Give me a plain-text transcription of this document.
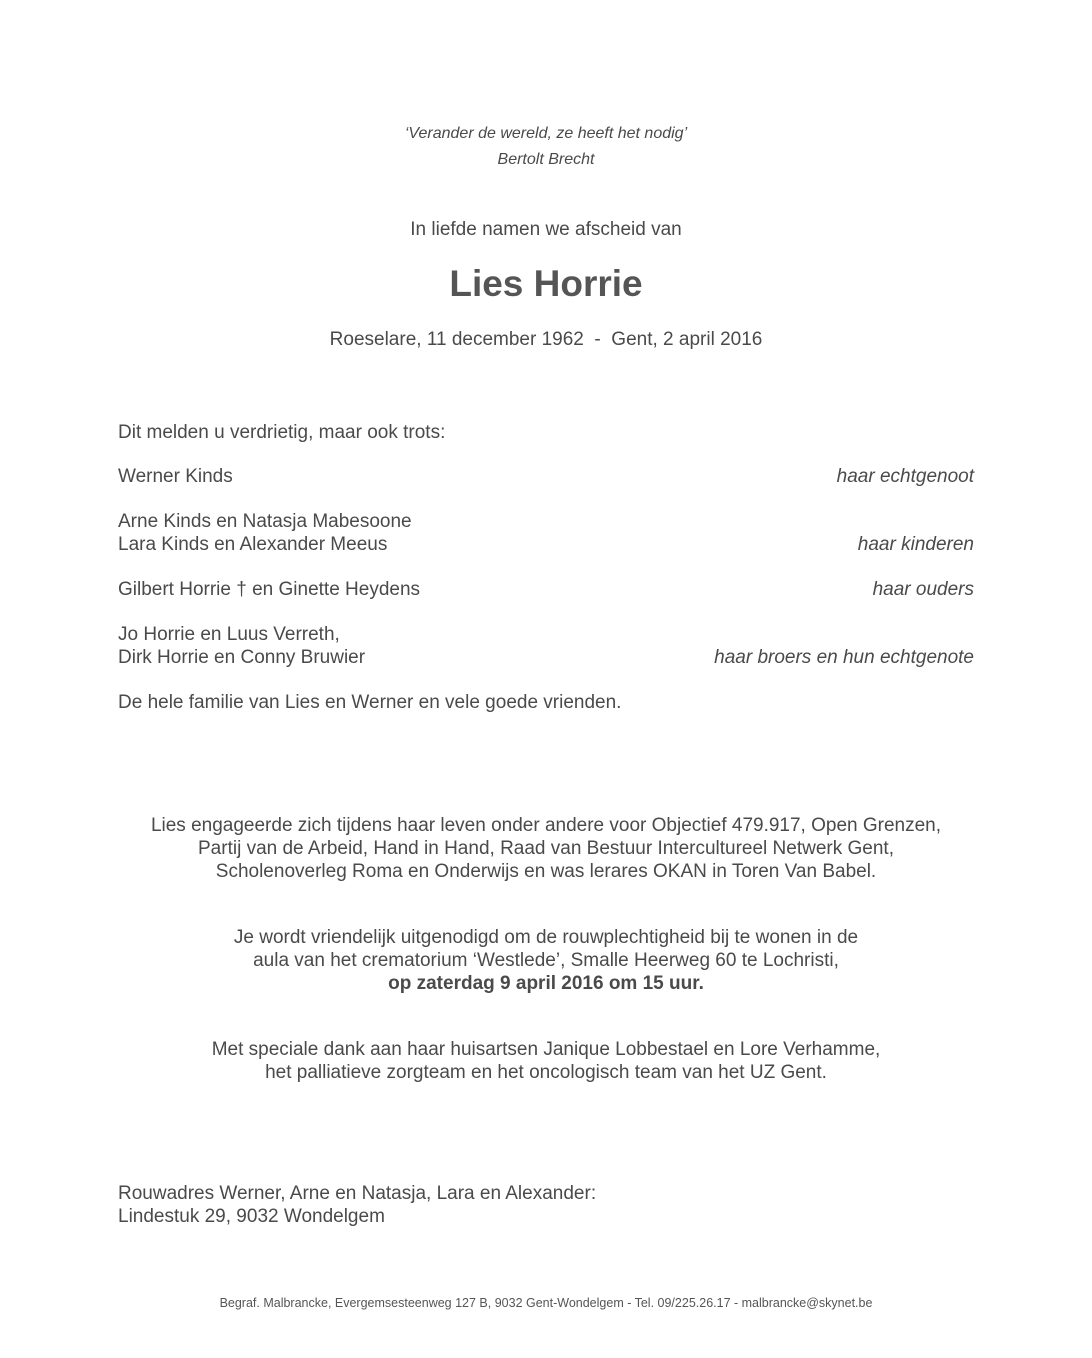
‘Verander de wereld, ze heeft het nodig’
Bertolt Brecht
In liefde namen we afscheid van
Lies Horrie
Roeselare, 11 december 1962  -  Gent, 2 april 2016
Dit melden u verdrietig, maar ook trots:
Werner Kinds	haar echtgenoot
Arne Kinds en Natasja Mabesoone
Lara Kinds en Alexander Meeus	haar kinderen
Gilbert Horrie † en Ginette Heydens	haar ouders
Jo Horrie en Luus Verreth,
Dirk Horrie en Conny Bruwier	haar broers en hun echtgenote
De hele familie van Lies en Werner en vele goede vrienden.
Lies engageerde zich tijdens haar leven onder andere voor Objectief 479.917, Open Grenzen,
Partij van de Arbeid, Hand in Hand, Raad van Bestuur Intercultureel Netwerk Gent,
Scholenoverleg Roma en Onderwijs en was lerares OKAN in Toren Van Babel.
Je wordt vriendelijk uitgenodigd om de rouwplechtigheid bij te wonen in de
aula van het crematorium ‘Westlede’, Smalle Heerweg 60 te Lochristi,
op zaterdag 9 april 2016 om 15 uur.
Met speciale dank aan haar huisartsen Janique Lobbestael en Lore Verhamme,
het palliatieve zorgteam en het oncologisch team van het UZ Gent.
Rouwadres Werner, Arne en Natasja, Lara en Alexander:
Lindestuk 29, 9032 Wondelgem
Begraf. Malbrancke, Evergemsesteenweg 127 B, 9032 Gent-Wondelgem - Tel. 09/225.26.17 - malbrancke@skynet.be
